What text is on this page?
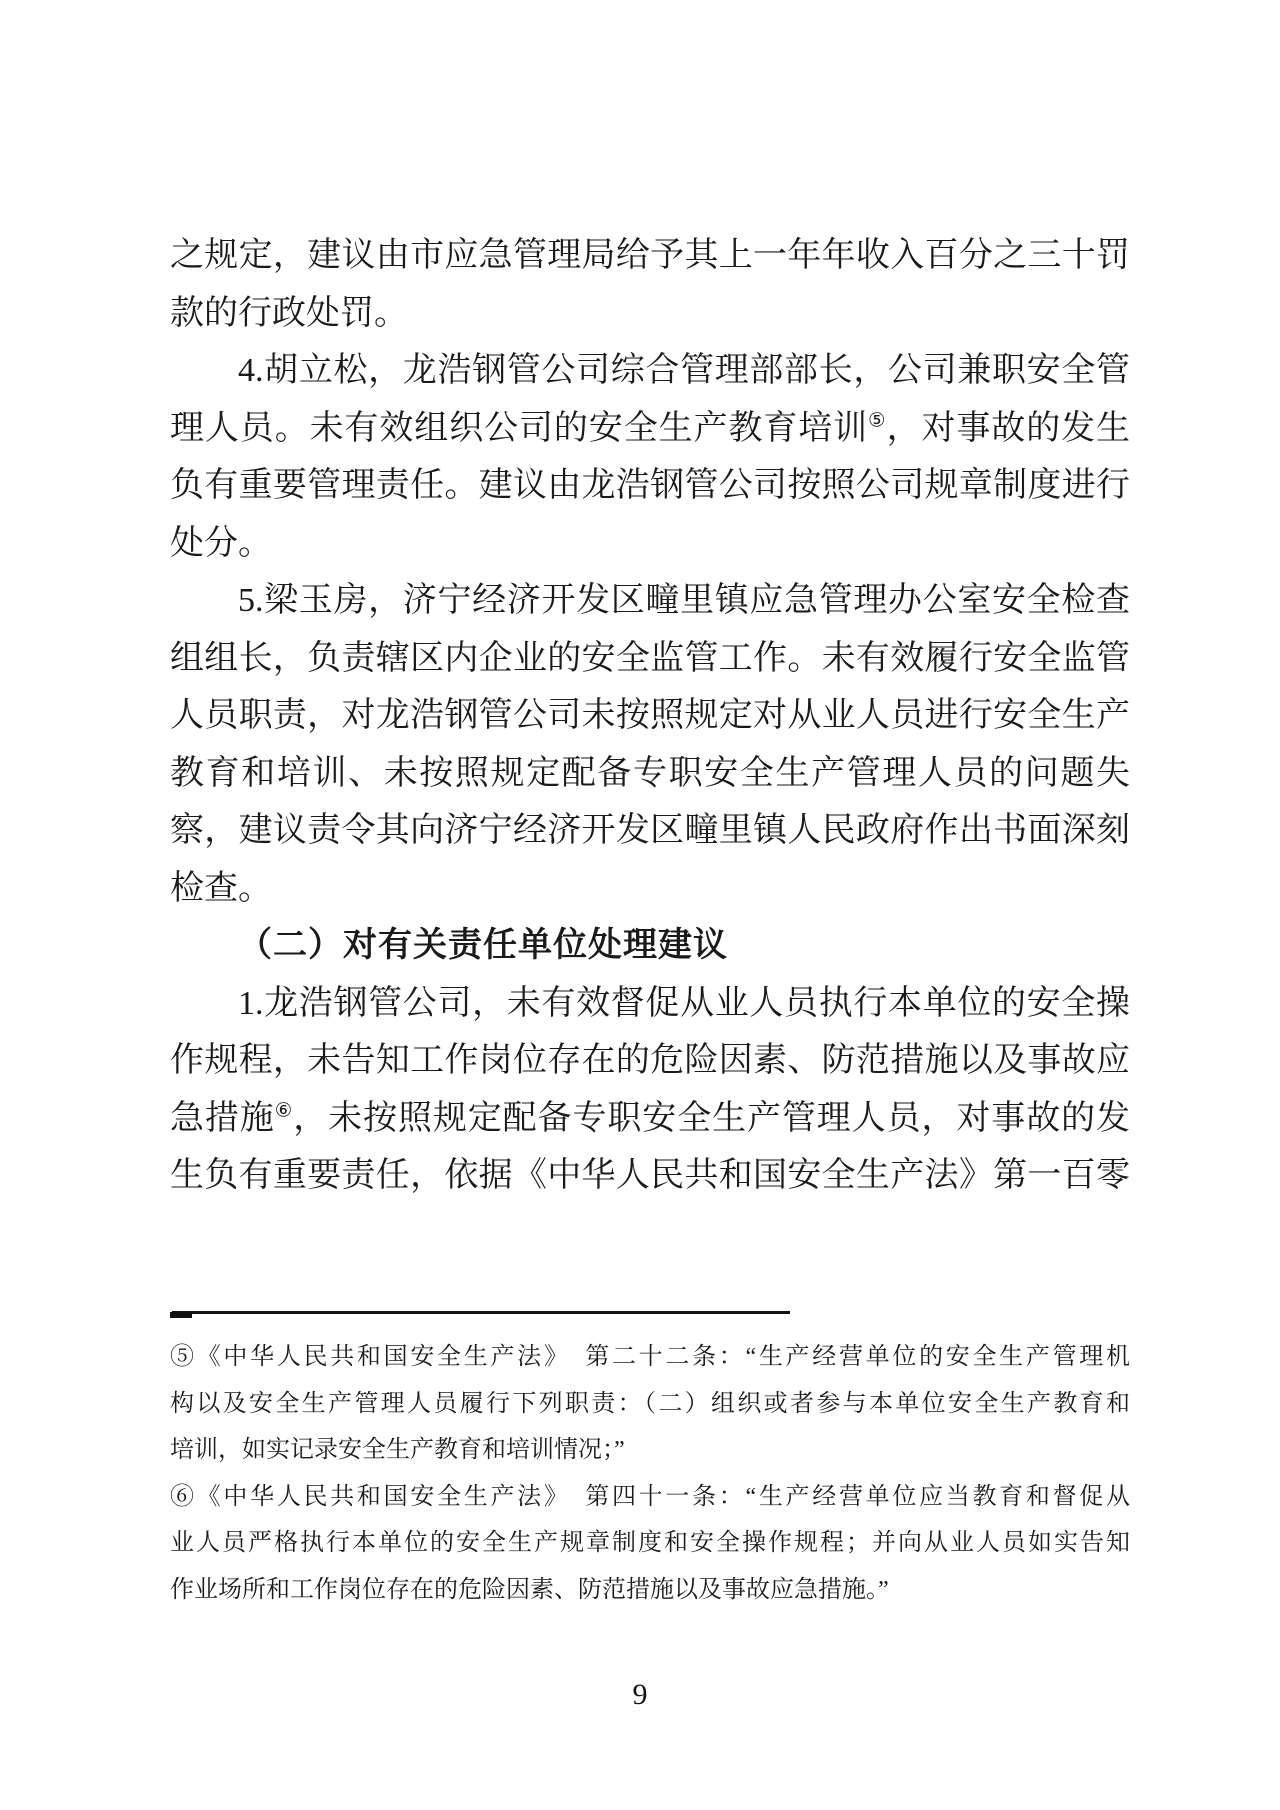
之规定，建议由市应急管理局给予其上一年年收入百分之三十罚
款的行政处罚。
4.胡立松，龙浩钢管公司综合管理部部长，公司兼职安全管
理人员。未有效组织公司的安全生产教育培训⑤，对事故的发生
负有重要管理责任。建议由龙浩钢管公司按照公司规章制度进行
处分。
5.梁玉房，济宁经济开发区疃里镇应急管理办公室安全检查
组组长，负责辖区内企业的安全监管工作。未有效履行安全监管
人员职责，对龙浩钢管公司未按照规定对从业人员进行安全生产
教育和培训、未按照规定配备专职安全生产管理人员的问题失
察，建议责令其向济宁经济开发区疃里镇人民政府作出书面深刻
检查。
（二）对有关责任单位处理建议
1.龙浩钢管公司，未有效督促从业人员执行本单位的安全操
作规程，未告知工作岗位存在的危险因素、防范措施以及事故应
急措施⑥，未按照规定配备专职安全生产管理人员，对事故的发
生负有重要责任，依据《中华人民共和国安全生产法》第一百零
⑤《中华人民共和国安全生产法》　第二十二条：“生产经营单位的安全生产管理机
构以及安全生产管理人员履行下列职责：（二）组织或者参与本单位安全生产教育和
培训，如实记录安全生产教育和培训情况；”
⑥《中华人民共和国安全生产法》　第四十一条：“生产经营单位应当教育和督促从
业人员严格执行本单位的安全生产规章制度和安全操作规程；并向从业人员如实告知
作业场所和工作岗位存在的危险因素、防范措施以及事故应急措施。”
9
